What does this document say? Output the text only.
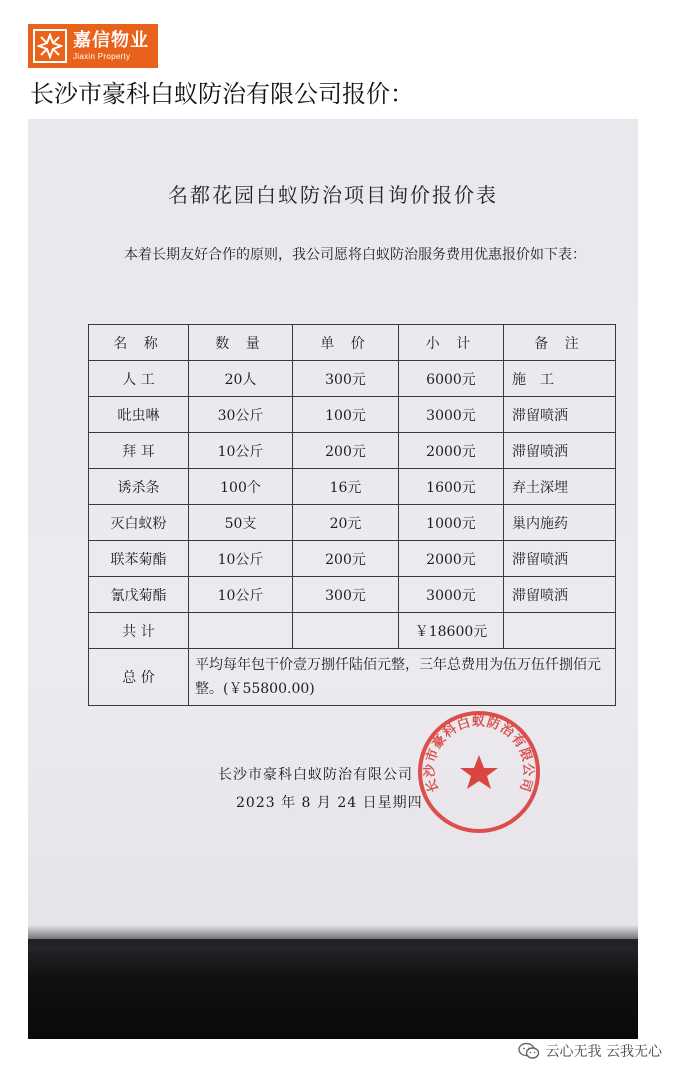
嘉信物业
Jiaxin Property
长沙市豪科白蚁防治有限公司报价：
名都花园白蚁防治项目询价报价表
本着长期友好合作的原则，我公司愿将白蚁防治服务费用优惠报价如下表：
名 称	数 量	单 价	小 计	备 注
人 工	20人	300元	6000元	施　工
吡虫啉	30公斤	100元	3000元	滞留喷洒
拜 耳	10公斤	200元	2000元	滞留喷洒
诱杀条	100个	16元	1600元	弃土深埋
灭白蚁粉	50支	20元	1000元	巢内施药
联苯菊酯	10公斤	200元	2000元	滞留喷洒
氰戊菊酯	10公斤	300元	3000元	滞留喷洒
共 计			￥18600元	
总 价	平均每年包干价壹万捌仟陆佰元整，三年总费用为伍万伍仟捌佰元整。(￥55800.00)			
长沙市豪科白蚁防治有限公司
2023 年 8 月 24 日星期四
长沙市豪科白蚁防治有限公司
云心无我 云我无心
